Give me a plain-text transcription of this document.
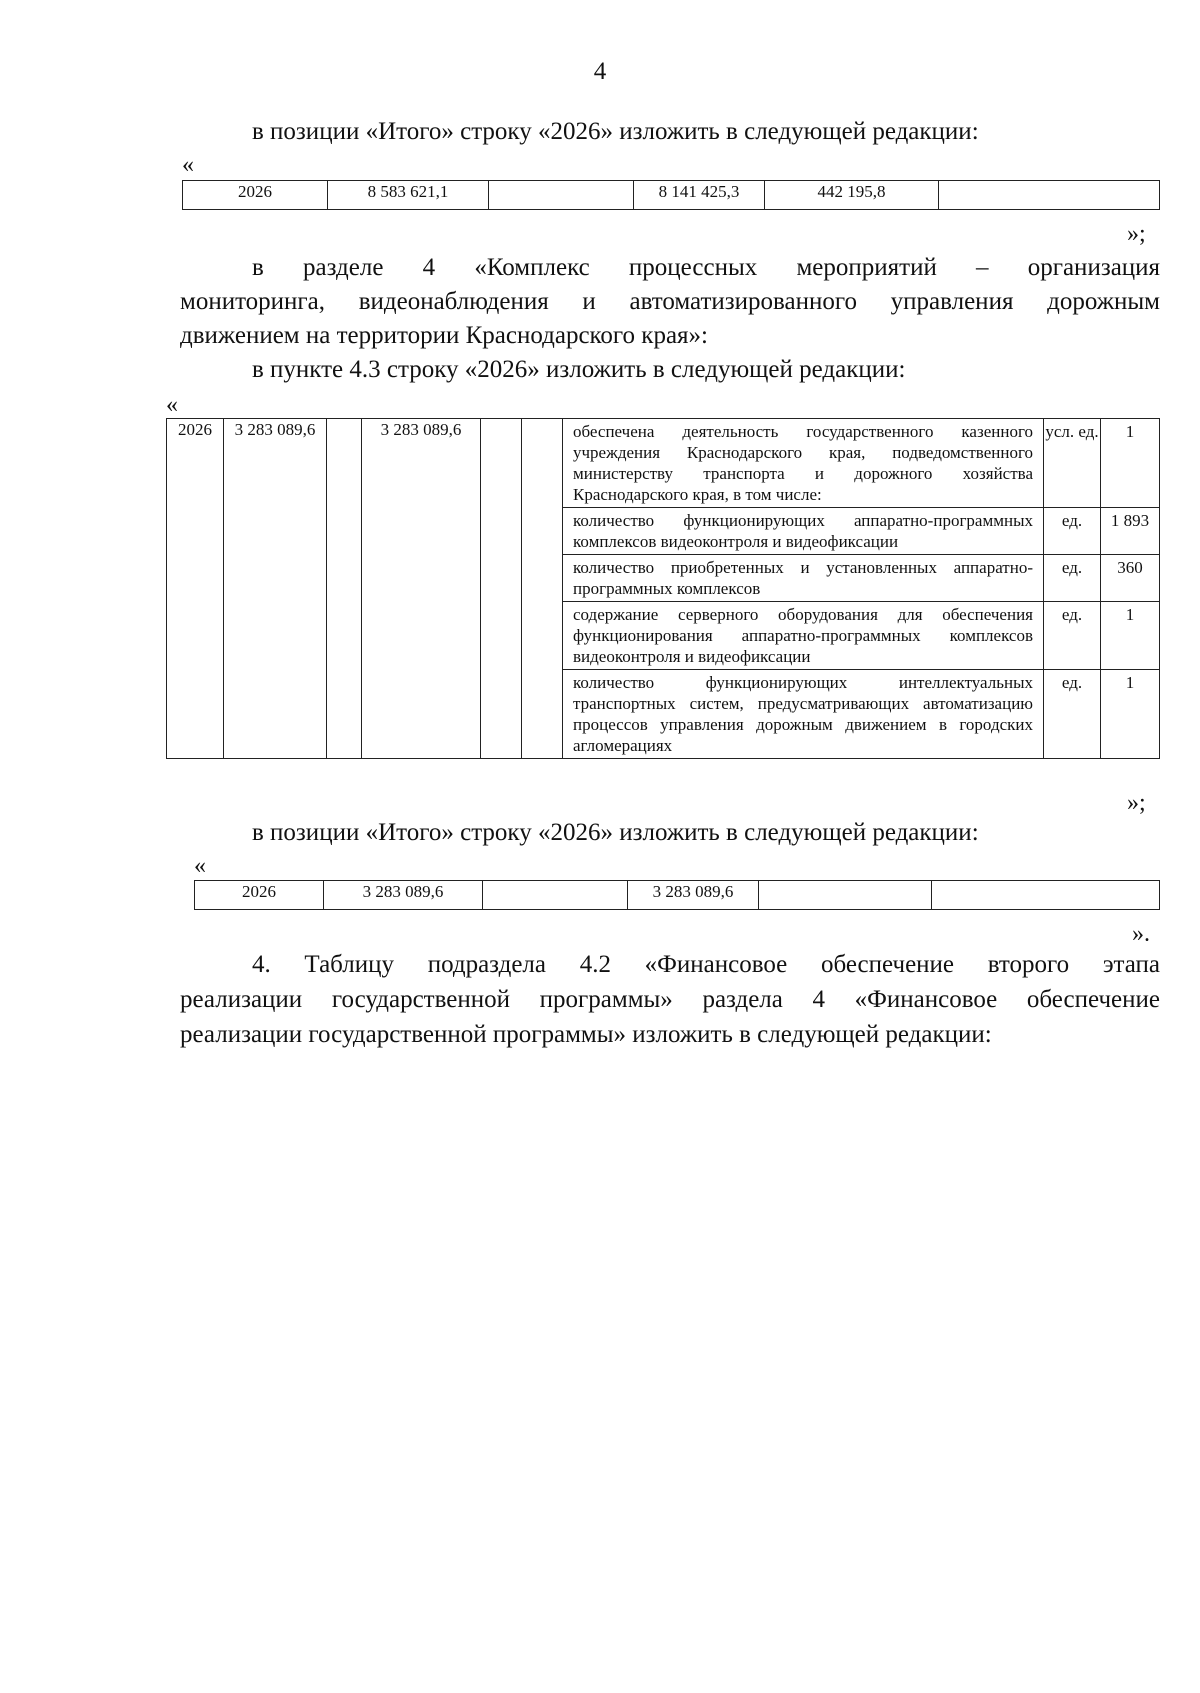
4
в позиции «Итого» строку «2026» изложить в следующей редакции:
«
2026	8 583 621,1		8 141 425,3	442 195,8	
»;
в разделе 4 «Комплекс процессных мероприятий – организация
мониторинга, видеонаблюдения и автоматизированного управления дорожным
движением на территории Краснодарского края»:
в пункте 4.3 строку «2026» изложить в следующей редакции:
«
2026	3 283 089,6		3 283 089,6			обеспечена деятельность государственного казенного учреждения Краснодарского края, подведомственного министерству транспорта и дорожного хозяйства Краснодарского края, в том числе:	усл. ед.	1
						количество функционирующих аппаратно-программных комплексов видеоконтроля и видеофиксации	ед.	1 893
						количество приобретенных и установленных аппаратно-программных комплексов	ед.	360
						содержание серверного оборудования для обеспечения функционирования аппаратно-программных комплексов видеоконтроля и видеофиксации	ед.	1
						количество функционирующих интеллектуальных транспортных систем, предусматривающих автоматизацию процессов управления дорожным движением в городских агломерациях	ед.	1
»;
в позиции «Итого» строку «2026» изложить в следующей редакции:
«
2026	3 283 089,6		3 283 089,6		
».
4. Таблицу подраздела 4.2 «Финансовое обеспечение второго этапа
реализации государственной программы» раздела 4 «Финансовое обеспечение
реализации государственной программы» изложить в следующей редакции:
